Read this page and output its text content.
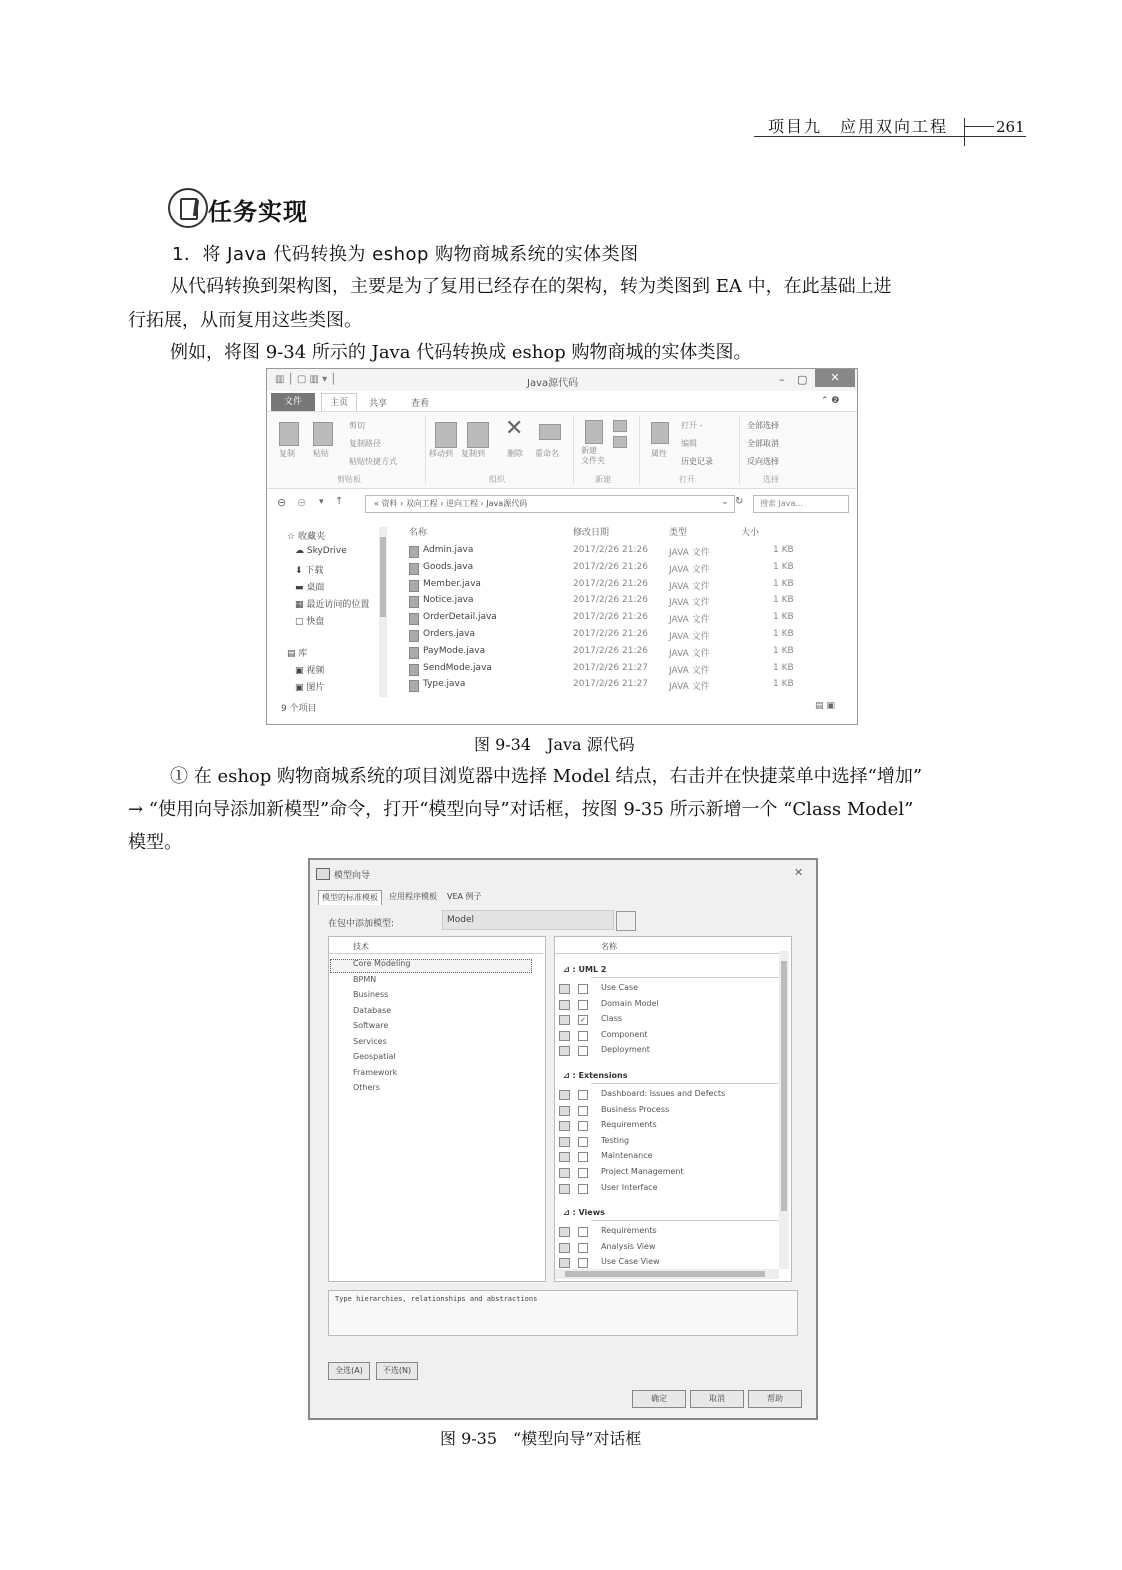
项目九　应用双向工程	261
任务实现
1．将 Java 代码转换为 eshop 购物商城系统的实体类图
从代码转换到架构图，主要是为了复用已经存在的架构，转为类图到 EA 中，在此基础上进
行拓展，从而复用这些类图。
例如，将图 9-34 所示的 Java 代码转换成 eshop 购物商城的实体类图。
▥ │ ▢ ▥ ▾ │	Java源代码	– ▢	✕
文件	主页	共享	查看	⌃ ❷
复制 粘贴
剪切
复制路径
粘贴快捷方式
剪贴板
移动到 复制到
✕
删除 重命名
组织
新建
文件夹
新建
属性
打开 -
编辑
历史记录
打开
全部选择
全部取消
反向选择
选择
⊖ ⊖ ▾ ↑	« 资料 › 双向工程 › 逆向工程 › Java源代码	⌄ ↻	搜索 Java...
☆ 收藏夹
☁ SkyDrive
⬇ 下载
▬ 桌面
▦ 最近访问的位置
▢ 快盘
▤ 库
▣ 视频
▣ 图片
名称	修改日期	类型	大小
Admin.java	2017/2/26 21:26 JAVA 文件	1 KB
Goods.java	2017/2/26 21:26 JAVA 文件	1 KB
Member.java	2017/2/26 21:26 JAVA 文件	1 KB
Notice.java	2017/2/26 21:26 JAVA 文件	1 KB
OrderDetail.java	2017/2/26 21:26 JAVA 文件	1 KB
Orders.java	2017/2/26 21:26 JAVA 文件	1 KB
PayMode.java	2017/2/26 21:26 JAVA 文件	1 KB
SendMode.java	2017/2/26 21:27 JAVA 文件	1 KB
Type.java	2017/2/26 21:27 JAVA 文件	1 KB
9 个项目	▤ ▣
图 9-34　Java 源代码
① 在 eshop 购物商城系统的项目浏览器中选择 Model 结点，右击并在快捷菜单中选择“增加”
→ “使用向导添加新模型”命令，打开“模型向导”对话框，按图 9-35 所示新增一个 “Class Model”
模型。
模型向导	✕
模型的标准模板	应用程序模板	VEA 例子
在包中添加模型:	Model
技术
Core Modeling
BPMN
Business
Database
Software
Services
Geospatial
Framework
Others
名称
⊿ : UML 2
Use Case
Domain Model
✓ Class
Component
Deployment
⊿ : Extensions
Dashboard: Issues and Defects
Business Process
Requirements
Testing
Maintenance
Project Management
User Interface
⊿ : Views
Requirements
Analysis View
Use Case View
Type hierarchies, relationships and abstractions
全选(A)	不选(N)
确定	取消	帮助
图 9-35　“模型向导”对话框
